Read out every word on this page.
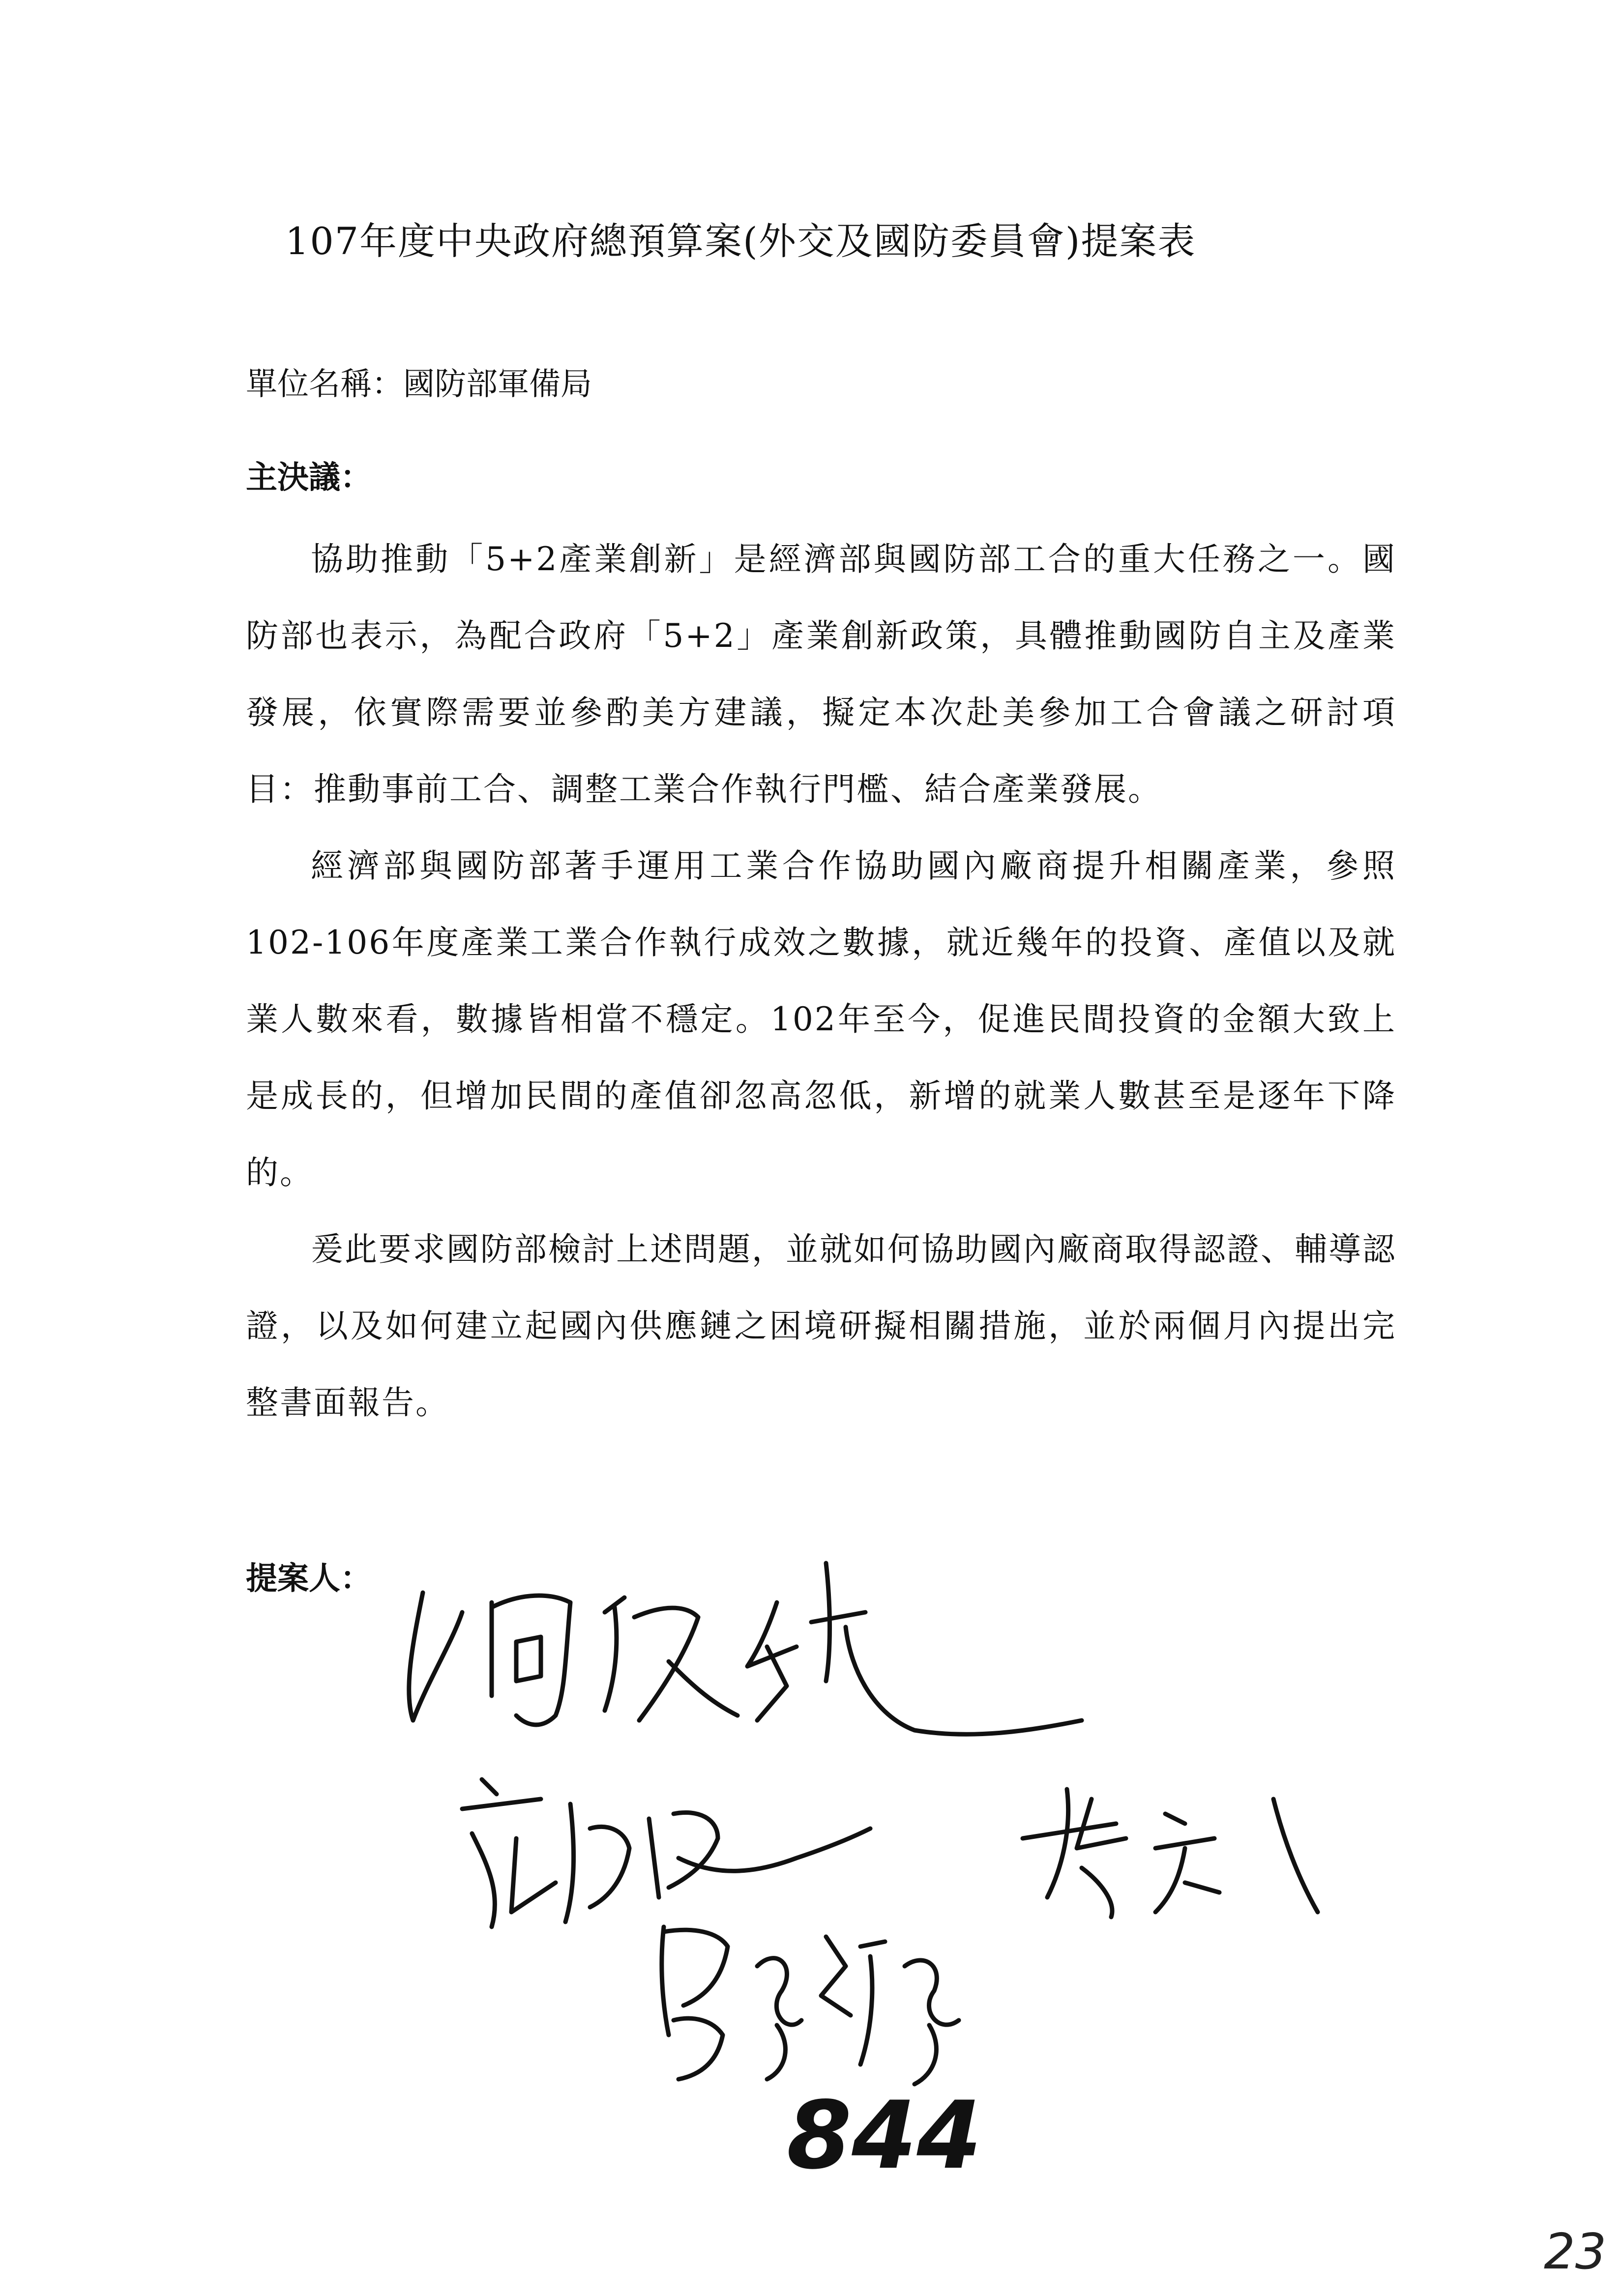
107年度中央政府總預算案(外交及國防委員會)提案表
單位名稱：國防部軍備局
主決議：

協助推動「5+2產業創新」是經濟部與國防部工合的重大任務之一。國防部也表示，為配合政府「5+2」產業創新政策，具體推動國防自主及產業發展，依實際需要並參酌美方建議，擬定本次赴美參加工合會議之研討項目：推動事前工合、調整工業合作執行門檻、結合產業發展。

經濟部與國防部著手運用工業合作協助國內廠商提升相關產業，參照102-106年度產業工業合作執行成效之數據，就近幾年的投資、產值以及就業人數來看，數據皆相當不穩定。102年至今，促進民間投資的金額大致上是成長的，但增加民間的產值卻忽高忽低，新增的就業人數甚至是逐年下降的。

爰此要求國防部檢討上述問題，並就如何協助國內廠商取得認證、輔導認證，以及如何建立起國內供應鏈之困境研擬相關措施，並於兩個月內提出完整書面報告。

提案人：
844
23
